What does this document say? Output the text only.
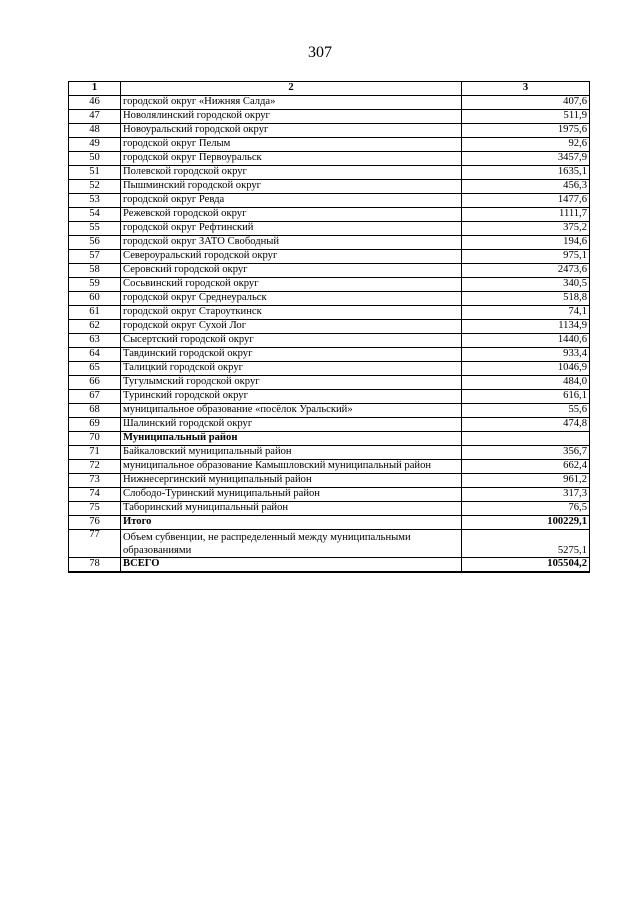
307
1	2	3
46	городской округ «Нижняя Салда»	407,6
47	Новолялинский городской округ	511,9
48	Новоуральский городской округ	1975,6
49	городской округ Пелым	92,6
50	городской округ Первоуральск	3457,9
51	Полевской городской округ	1635,1
52	Пышминский городской округ	456,3
53	городской округ Ревда	1477,6
54	Режевской городской округ	1111,7
55	городской округ Рефтинский	375,2
56	городской округ ЗАТО Свободный	194,6
57	Североуральский городской округ	975,1
58	Серовский городской округ	2473,6
59	Сосьвинский городской округ	340,5
60	городской округ Среднеуральск	518,8
61	городской округ Староуткинск	74,1
62	городской округ Сухой Лог	1134,9
63	Сысертский городской округ	1440,6
64	Тавдинский городской округ	933,4
65	Талицкий городской округ	1046,9
66	Тугулымский городской округ	484,0
67	Туринский городской округ	616,1
68	муниципальное образование «посёлок Уральский»	55,6
69	Шалинский городской округ	474,8
70	Муниципальный район	
71	Байкаловский муниципальный район	356,7
72	муниципальное образование Камышловский муниципальный район	662,4
73	Нижнесергинский муниципальный район	961,2
74	Слободо-Туринский муниципальный район	317,3
75	Таборинский муниципальный район	76,5
76	Итого	100229,1
77	Объем субвенции, не распределенный между муниципальными образованиями	5275,1
78	ВСЕГО	105504,2
